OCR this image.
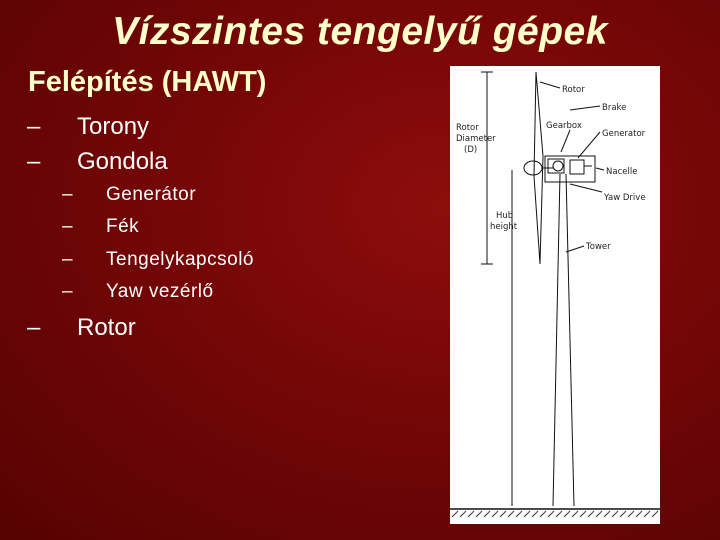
Vízszintes tengelyű gépek
Felépítés (HAWT)
– Torony
– Gondola
– Generátor
– Fék
– Tengelykapcsoló
– Yaw vezérlő
– Rotor
Rotor
Brake
Gearbox
Generator
Rotor
Diameter
(D)
Nacelle
Yaw Drive
Hub
height
Tower
